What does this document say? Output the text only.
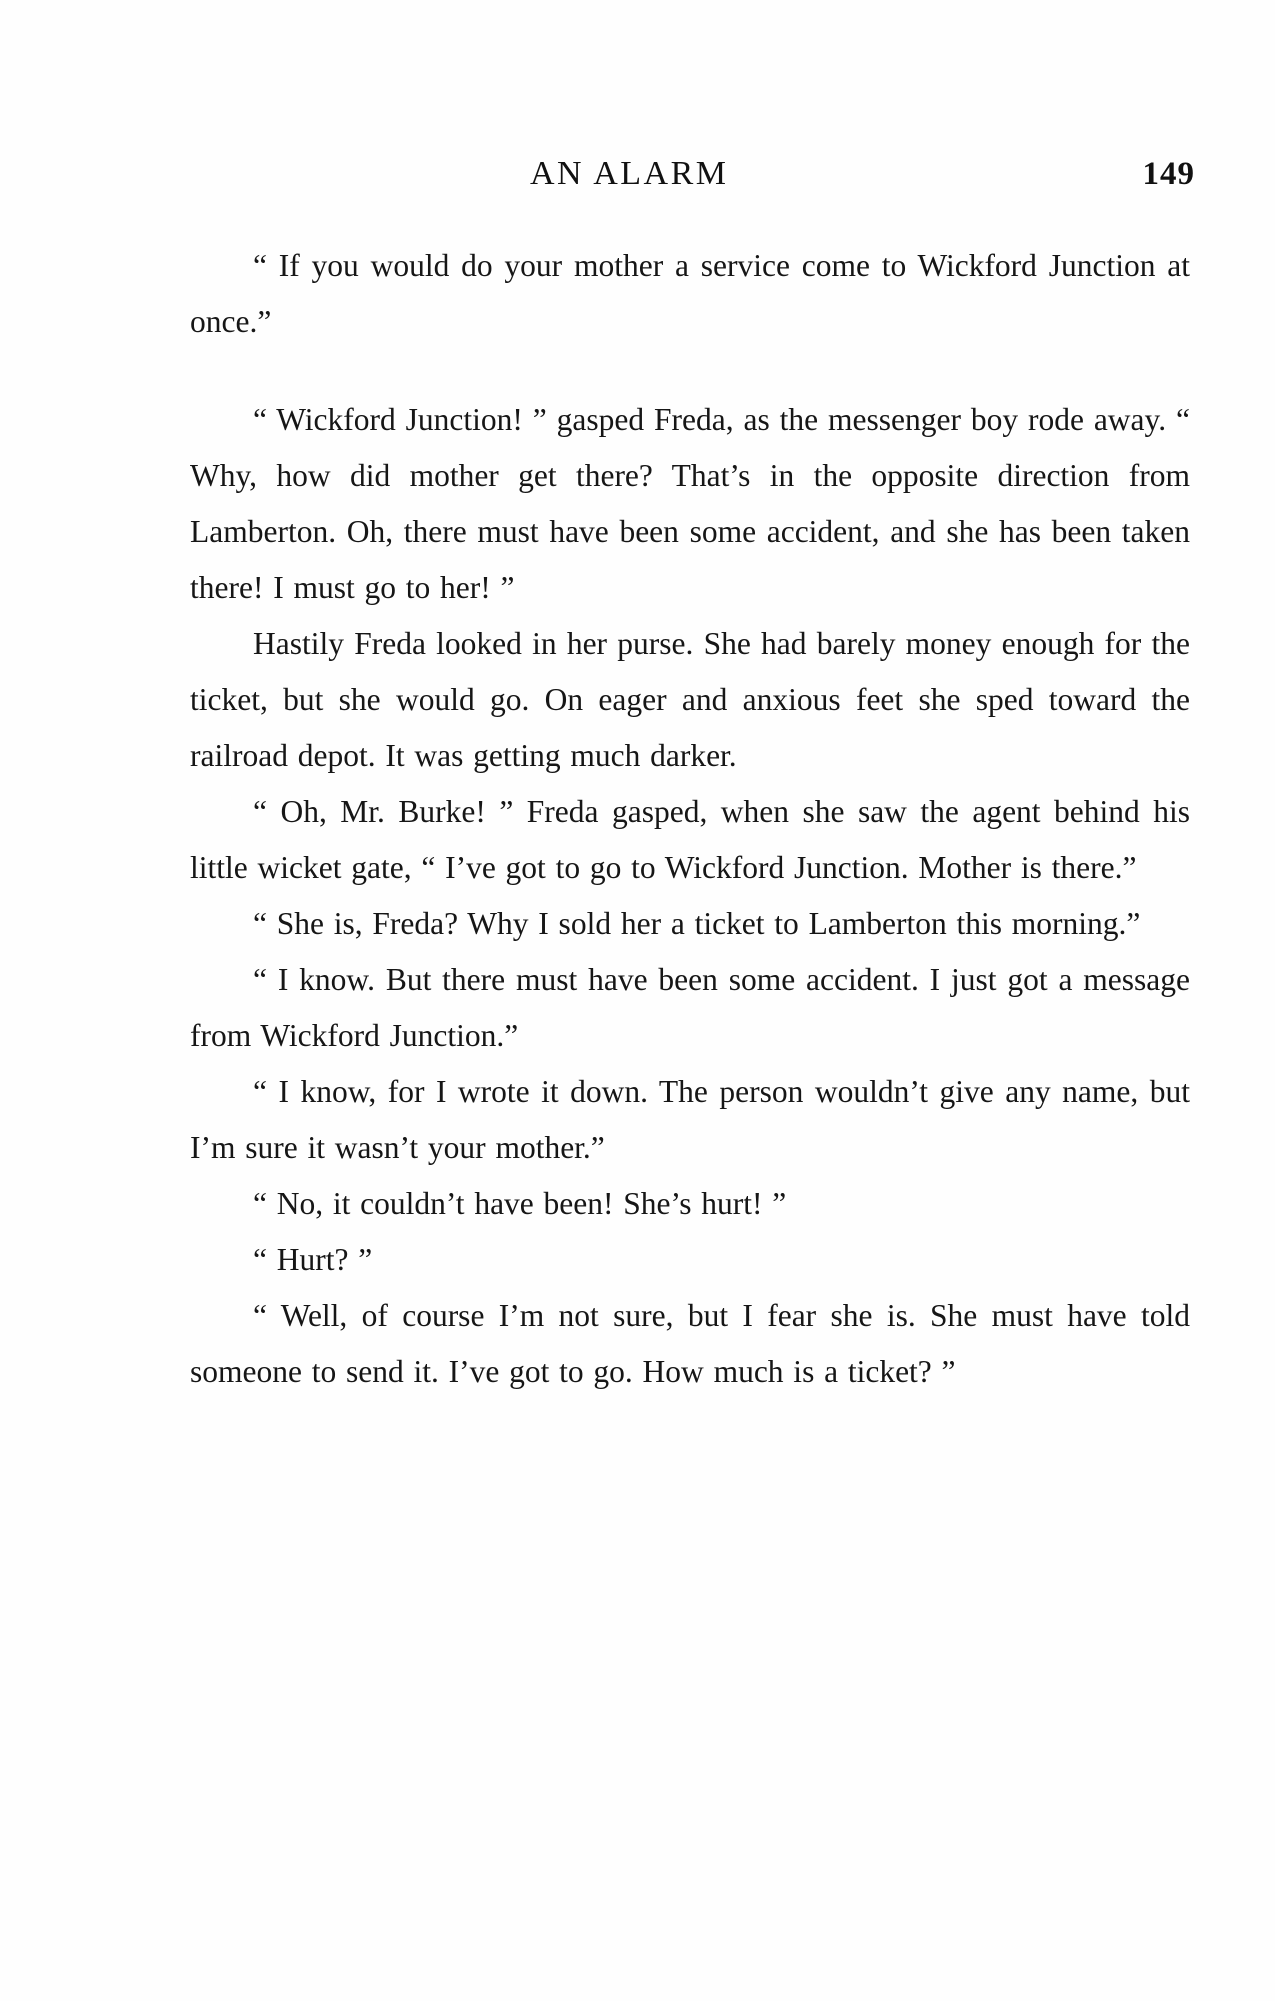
AN ALARM	149

“ If you would do your mother a service come to Wickford Junction at once.”

“ Wickford Junction! ” gasped Freda, as the messenger boy rode away. “ Why, how did mother get there? That’s in the opposite direction from Lamberton. Oh, there must have been some accident, and she has been taken there! I must go to her! ”

Hastily Freda looked in her purse. She had barely money enough for the ticket, but she would go. On eager and anxious feet she sped toward the railroad depot. It was getting much darker.

“ Oh, Mr. Burke! ” Freda gasped, when she saw the agent behind his little wicket gate, “ I’ve got to go to Wickford Junction. Mother is there.”

“ She is, Freda? Why I sold her a ticket to Lamberton this morning.”

“ I know. But there must have been some accident. I just got a message from Wickford Junction.”

“ I know, for I wrote it down. The person wouldn’t give any name, but I’m sure it wasn’t your mother.”

“ No, it couldn’t have been! She’s hurt! ”

“ Hurt? ”

“ Well, of course I’m not sure, but I fear she is. She must have told someone to send it. I’ve got to go. How much is a ticket? ”
